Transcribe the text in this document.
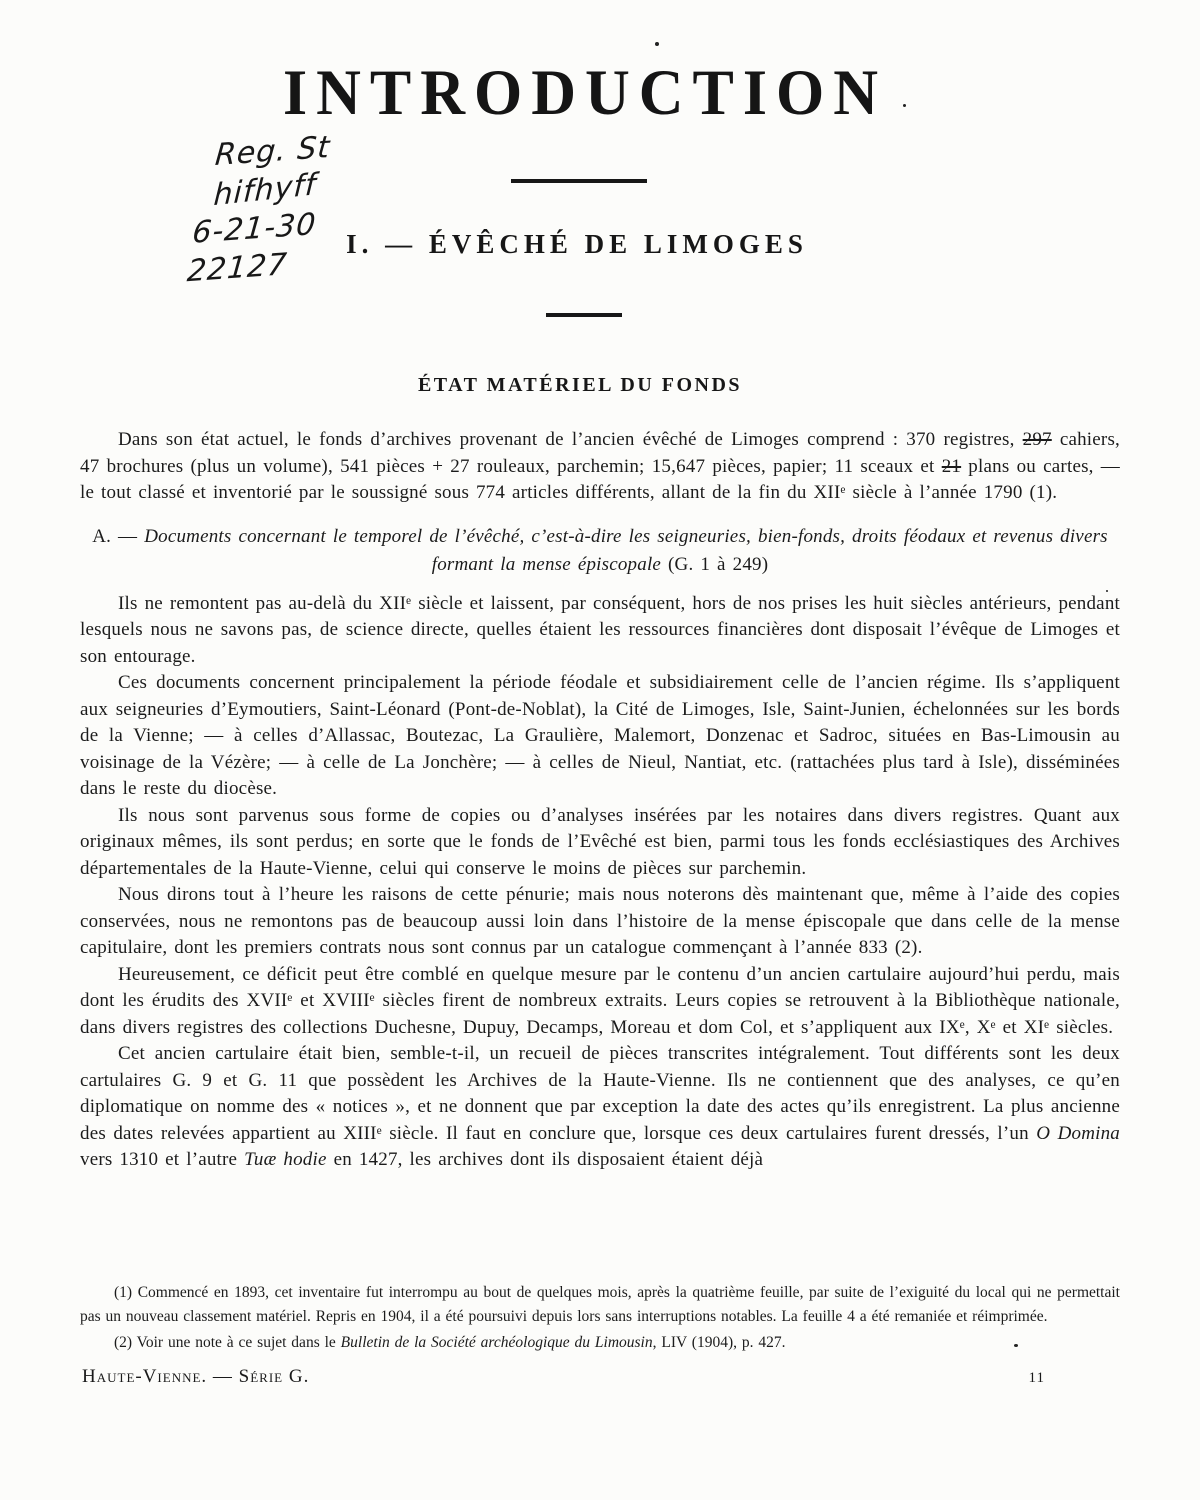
INTRODUCTION
Reg. St
hifhyff
6-21-30
22127
I. — ÉVÊCHÉ DE LIMOGES
ÉTAT MATÉRIEL DU FONDS

Dans son état actuel, le fonds d’archives provenant de l’ancien évêché de Limoges comprend : 370 registres, 297 cahiers, 47 brochures (plus un volume), 541 pièces + 27 rouleaux, parchemin; 15,647 pièces, papier; 11 sceaux et 21 plans ou cartes, — le tout classé et inventorié par le soussigné sous 774 articles différents, allant de la fin du XIIᵉ siècle à l’année 1790 (1).

A. — Documents concernant le temporel de l’évêché, c’est-à-dire les seigneuries, bien-fonds, droits féodaux et revenus divers formant la mense épiscopale (G. 1 à 249)

Ils ne remontent pas au-delà du XIIᵉ siècle et laissent, par conséquent, hors de nos prises les huit siècles antérieurs, pendant lesquels nous ne savons pas, de science directe, quelles étaient les ressources financières dont disposait l’évêque de Limoges et son entourage.

Ces documents concernent principalement la période féodale et subsidiairement celle de l’ancien régime. Ils s’appliquent aux seigneuries d’Eymoutiers, Saint-Léonard (Pont-de-Noblat), la Cité de Limoges, Isle, Saint-Junien, échelonnées sur les bords de la Vienne; — à celles d’Allassac, Boutezac, La Graulière, Malemort, Donzenac et Sadroc, situées en Bas-Limousin au voisinage de la Vézère; — à celle de La Jonchère; — à celles de Nieul, Nantiat, etc. (rattachées plus tard à Isle), disséminées dans le reste du diocèse.

Ils nous sont parvenus sous forme de copies ou d’analyses insérées par les notaires dans divers registres. Quant aux originaux mêmes, ils sont perdus; en sorte que le fonds de l’Evêché est bien, parmi tous les fonds ecclésiastiques des Archives départementales de la Haute-Vienne, celui qui conserve le moins de pièces sur parchemin.

Nous dirons tout à l’heure les raisons de cette pénurie; mais nous noterons dès maintenant que, même à l’aide des copies conservées, nous ne remontons pas de beaucoup aussi loin dans l’histoire de la mense épiscopale que dans celle de la mense capitulaire, dont les premiers contrats nous sont connus par un catalogue commençant à l’année 833 (2).

Heureusement, ce déficit peut être comblé en quelque mesure par le contenu d’un ancien cartulaire aujourd’hui perdu, mais dont les érudits des XVIIᵉ et XVIIIᵉ siècles firent de nombreux extraits. Leurs copies se retrouvent à la Bibliothèque nationale, dans divers registres des collections Duchesne, Dupuy, Decamps, Moreau et dom Col, et s’appliquent aux IXᵉ, Xᵉ et XIᵉ siècles.

Cet ancien cartulaire était bien, semble-t-il, un recueil de pièces transcrites intégralement. Tout différents sont les deux cartulaires G. 9 et G. 11 que possèdent les Archives de la Haute-Vienne. Ils ne contiennent que des analyses, ce qu’en diplomatique on nomme des « notices », et ne donnent que par exception la date des actes qu’ils enregistrent. La plus ancienne des dates relevées appartient au XIIIᵉ siècle. Il faut en conclure que, lorsque ces deux cartulaires furent dressés, l’un O Domina vers 1310 et l’autre Tuæ hodie en 1427, les archives dont ils disposaient étaient déjà

(1) Commencé en 1893, cet inventaire fut interrompu au bout de quelques mois, après la quatrième feuille, par suite de l’exiguité du local qui ne permettait pas un nouveau classement matériel. Repris en 1904, il a été poursuivi depuis lors sans interruptions notables. La feuille 4 a été remaniée et réimprimée.

(2) Voir une note à ce sujet dans le Bulletin de la Société archéologique du Limousin, LIV (1904), p. 427.

Haute-Vienne. — Série G.	11
